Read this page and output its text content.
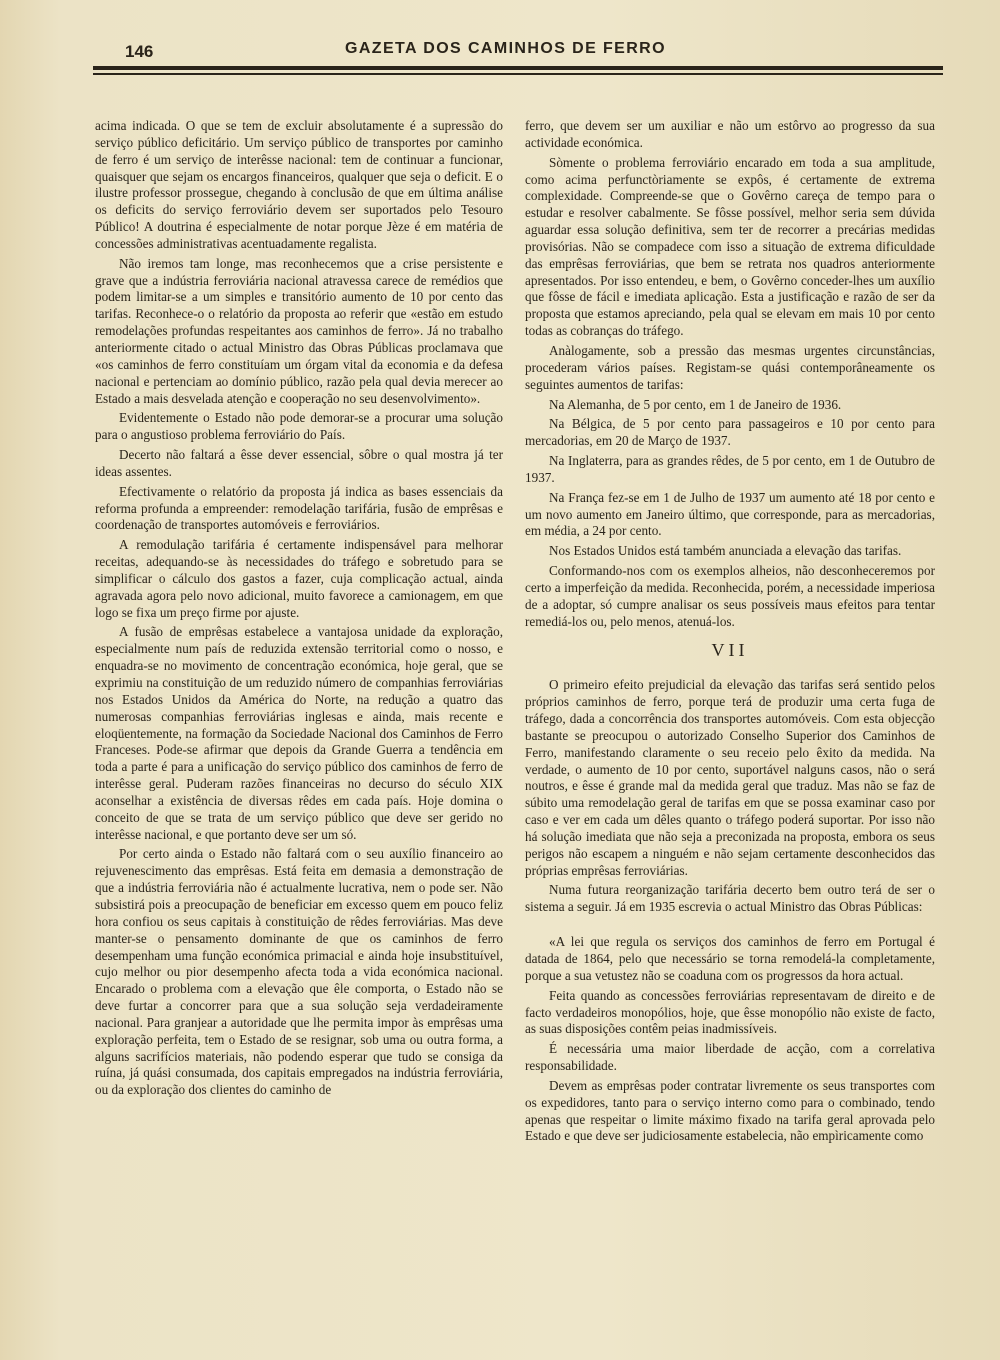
146	GAZETA DOS CAMINHOS DE FERRO

acima indicada. O que se tem de excluir absolutamente é a supressão do serviço público deficitário. Um serviço público de transportes por caminho de ferro é um serviço de interêsse nacional: tem de continuar a funcionar, quaisquer que sejam os encargos financeiros, qualquer que seja o deficit. E o ilustre professor prossegue, chegando à conclusão de que em última análise os deficits do serviço ferroviário devem ser suportados pelo Tesouro Público! A doutrina é especialmente de notar porque Jèze é em matéria de concessões administrativas acentuadamente regalista.

Não iremos tam longe, mas reconhecemos que a crise persistente e grave que a indústria ferroviária nacional atravessa carece de remédios que podem limitar-se a um simples e transitório aumento de 10 por cento das tarifas. Reconhece-o o relatório da proposta ao referir que «estão em estudo remodelações profundas respeitantes aos caminhos de ferro». Já no trabalho anteriormente citado o actual Ministro das Obras Públicas proclamava que «os caminhos de ferro constituíam um órgam vital da economia e da defesa nacional e pertenciam ao domínio público, razão pela qual devia merecer ao Estado a mais desvelada atenção e cooperação no seu desenvolvimento».

Evidentemente o Estado não pode demorar-se a procurar uma solução para o angustioso problema ferroviário do País.

Decerto não faltará a êsse dever essencial, sôbre o qual mostra já ter ideas assentes.

Efectivamente o relatório da proposta já indica as bases essenciais da reforma profunda a empreender: remodelação tarifária, fusão de emprêsas e coordenação de transportes automóveis e ferroviários.

A remodulação tarifária é certamente indispensável para melhorar receitas, adequando-se às necessidades do tráfego e sobretudo para se simplificar o cálculo dos gastos a fazer, cuja complicação actual, ainda agravada agora pelo novo adicional, muito favorece a camionagem, em que logo se fixa um preço firme por ajuste.

A fusão de emprêsas estabelece a vantajosa unidade da exploração, especialmente num país de reduzida extensão territorial como o nosso, e enquadra-se no movimento de concentração económica, hoje geral, que se exprimiu na constituição de um reduzido número de companhias ferroviárias nos Estados Unidos da América do Norte, na redução a quatro das numerosas companhias ferroviárias inglesas e ainda, mais recente e eloqüentemente, na formação da Sociedade Nacional dos Caminhos de Ferro Franceses. Pode-se afirmar que depois da Grande Guerra a tendência em toda a parte é para a unificação do serviço público dos caminhos de ferro de interêsse geral. Puderam razões financeiras no decurso do século XIX aconselhar a existência de diversas rêdes em cada país. Hoje domina o conceito de que se trata de um serviço público que deve ser gerido no interêsse nacional, e que portanto deve ser um só.

Por certo ainda o Estado não faltará com o seu auxílio financeiro ao rejuvenescimento das emprêsas. Está feita em demasia a demonstração de que a indústria ferroviária não é actualmente lucrativa, nem o pode ser. Não subsistirá pois a preocupação de beneficiar em excesso quem em pouco feliz hora confiou os seus capitais à constituição de rêdes ferroviárias. Mas deve manter-se o pensamento dominante de que os caminhos de ferro desempenham uma função económica primacial e ainda hoje insubstituível, cujo melhor ou pior desempenho afecta toda a vida económica nacional. Encarado o problema com a elevação que êle comporta, o Estado não se deve furtar a concorrer para que a sua solução seja verdadeiramente nacional. Para granjear a autoridade que lhe permita impor às emprêsas uma exploração perfeita, tem o Estado de se resignar, sob uma ou outra forma, a alguns sacrifícios materiais, não podendo esperar que tudo se consiga da ruína, já quási consumada, dos capitais empregados na indústria ferroviária, ou da exploração dos clientes do caminho de

ferro, que devem ser um auxiliar e não um estôrvo ao progresso da sua actividade económica.

Sòmente o problema ferroviário encarado em toda a sua amplitude, como acima perfunctòriamente se expôs, é certamente de extrema complexidade. Compreende-se que o Govêrno careça de tempo para o estudar e resolver cabalmente. Se fôsse possível, melhor seria sem dúvida aguardar essa solução definitiva, sem ter de recorrer a precárias medidas provisórias. Não se compadece com isso a situação de extrema dificuldade das emprêsas ferroviárias, que bem se retrata nos quadros anteriormente apresentados. Por isso entendeu, e bem, o Govêrno conceder-lhes um auxílio que fôsse de fácil e imediata aplicação. Esta a justificação e razão de ser da proposta que estamos apreciando, pela qual se elevam em mais 10 por cento todas as cobranças do tráfego.

Anàlogamente, sob a pressão das mesmas urgentes circunstâncias, procederam vários países. Registam-se quási contemporâneamente os seguintes aumentos de tarifas:

Na Alemanha, de 5 por cento, em 1 de Janeiro de 1936.

Na Bélgica, de 5 por cento para passageiros e 10 por cento para mercadorias, em 20 de Março de 1937.

Na Inglaterra, para as grandes rêdes, de 5 por cento, em 1 de Outubro de 1937.

Na França fez-se em 1 de Julho de 1937 um aumento até 18 por cento e um novo aumento em Janeiro último, que corresponde, para as mercadorias, em média, a 24 por cento.

Nos Estados Unidos está também anunciada a elevação das tarifas.

Conformando-nos com os exemplos alheios, não desconheceremos por certo a imperfeição da medida. Reconhecida, porém, a necessidade imperiosa de a adoptar, só cumpre analisar os seus possíveis maus efeitos para tentar remediá-los ou, pelo menos, atenuá-los.

VII

O primeiro efeito prejudicial da elevação das tarifas será sentido pelos próprios caminhos de ferro, porque terá de produzir uma certa fuga de tráfego, dada a concorrência dos transportes automóveis. Com esta objecção bastante se preocupou o autorizado Conselho Superior dos Caminhos de Ferro, manifestando claramente o seu receio pelo êxito da medida. Na verdade, o aumento de 10 por cento, suportável nalguns casos, não o será noutros, e êsse é grande mal da medida geral que traduz. Mas não se faz de súbito uma remodelação geral de tarifas em que se possa examinar caso por caso e ver em cada um dêles quanto o tráfego poderá suportar. Por isso não há solução imediata que não seja a preconizada na proposta, embora os seus perigos não escapem a ninguém e não sejam certamente desconhecidos das próprias emprêsas ferroviárias.

Numa futura reorganização tarifária decerto bem outro terá de ser o sistema a seguir. Já em 1935 escrevia o actual Ministro das Obras Públicas:

«A lei que regula os serviços dos caminhos de ferro em Portugal é datada de 1864, pelo que necessário se torna remodelá-la completamente, porque a sua vetustez não se coaduna com os progressos da hora actual.

Feita quando as concessões ferroviárias representavam de direito e de facto verdadeiros monopólios, hoje, que êsse monopólio não existe de facto, as suas disposições contêm peias inadmissíveis.

É necessária uma maior liberdade de acção, com a correlativa responsabilidade.

Devem as emprêsas poder contratar livremente os seus transportes com os expedidores, tanto para o serviço interno como para o combinado, tendo apenas que respeitar o limite máximo fixado na tarifa geral aprovada pelo Estado e que deve ser judiciosamente estabelecia, não empìricamente como
